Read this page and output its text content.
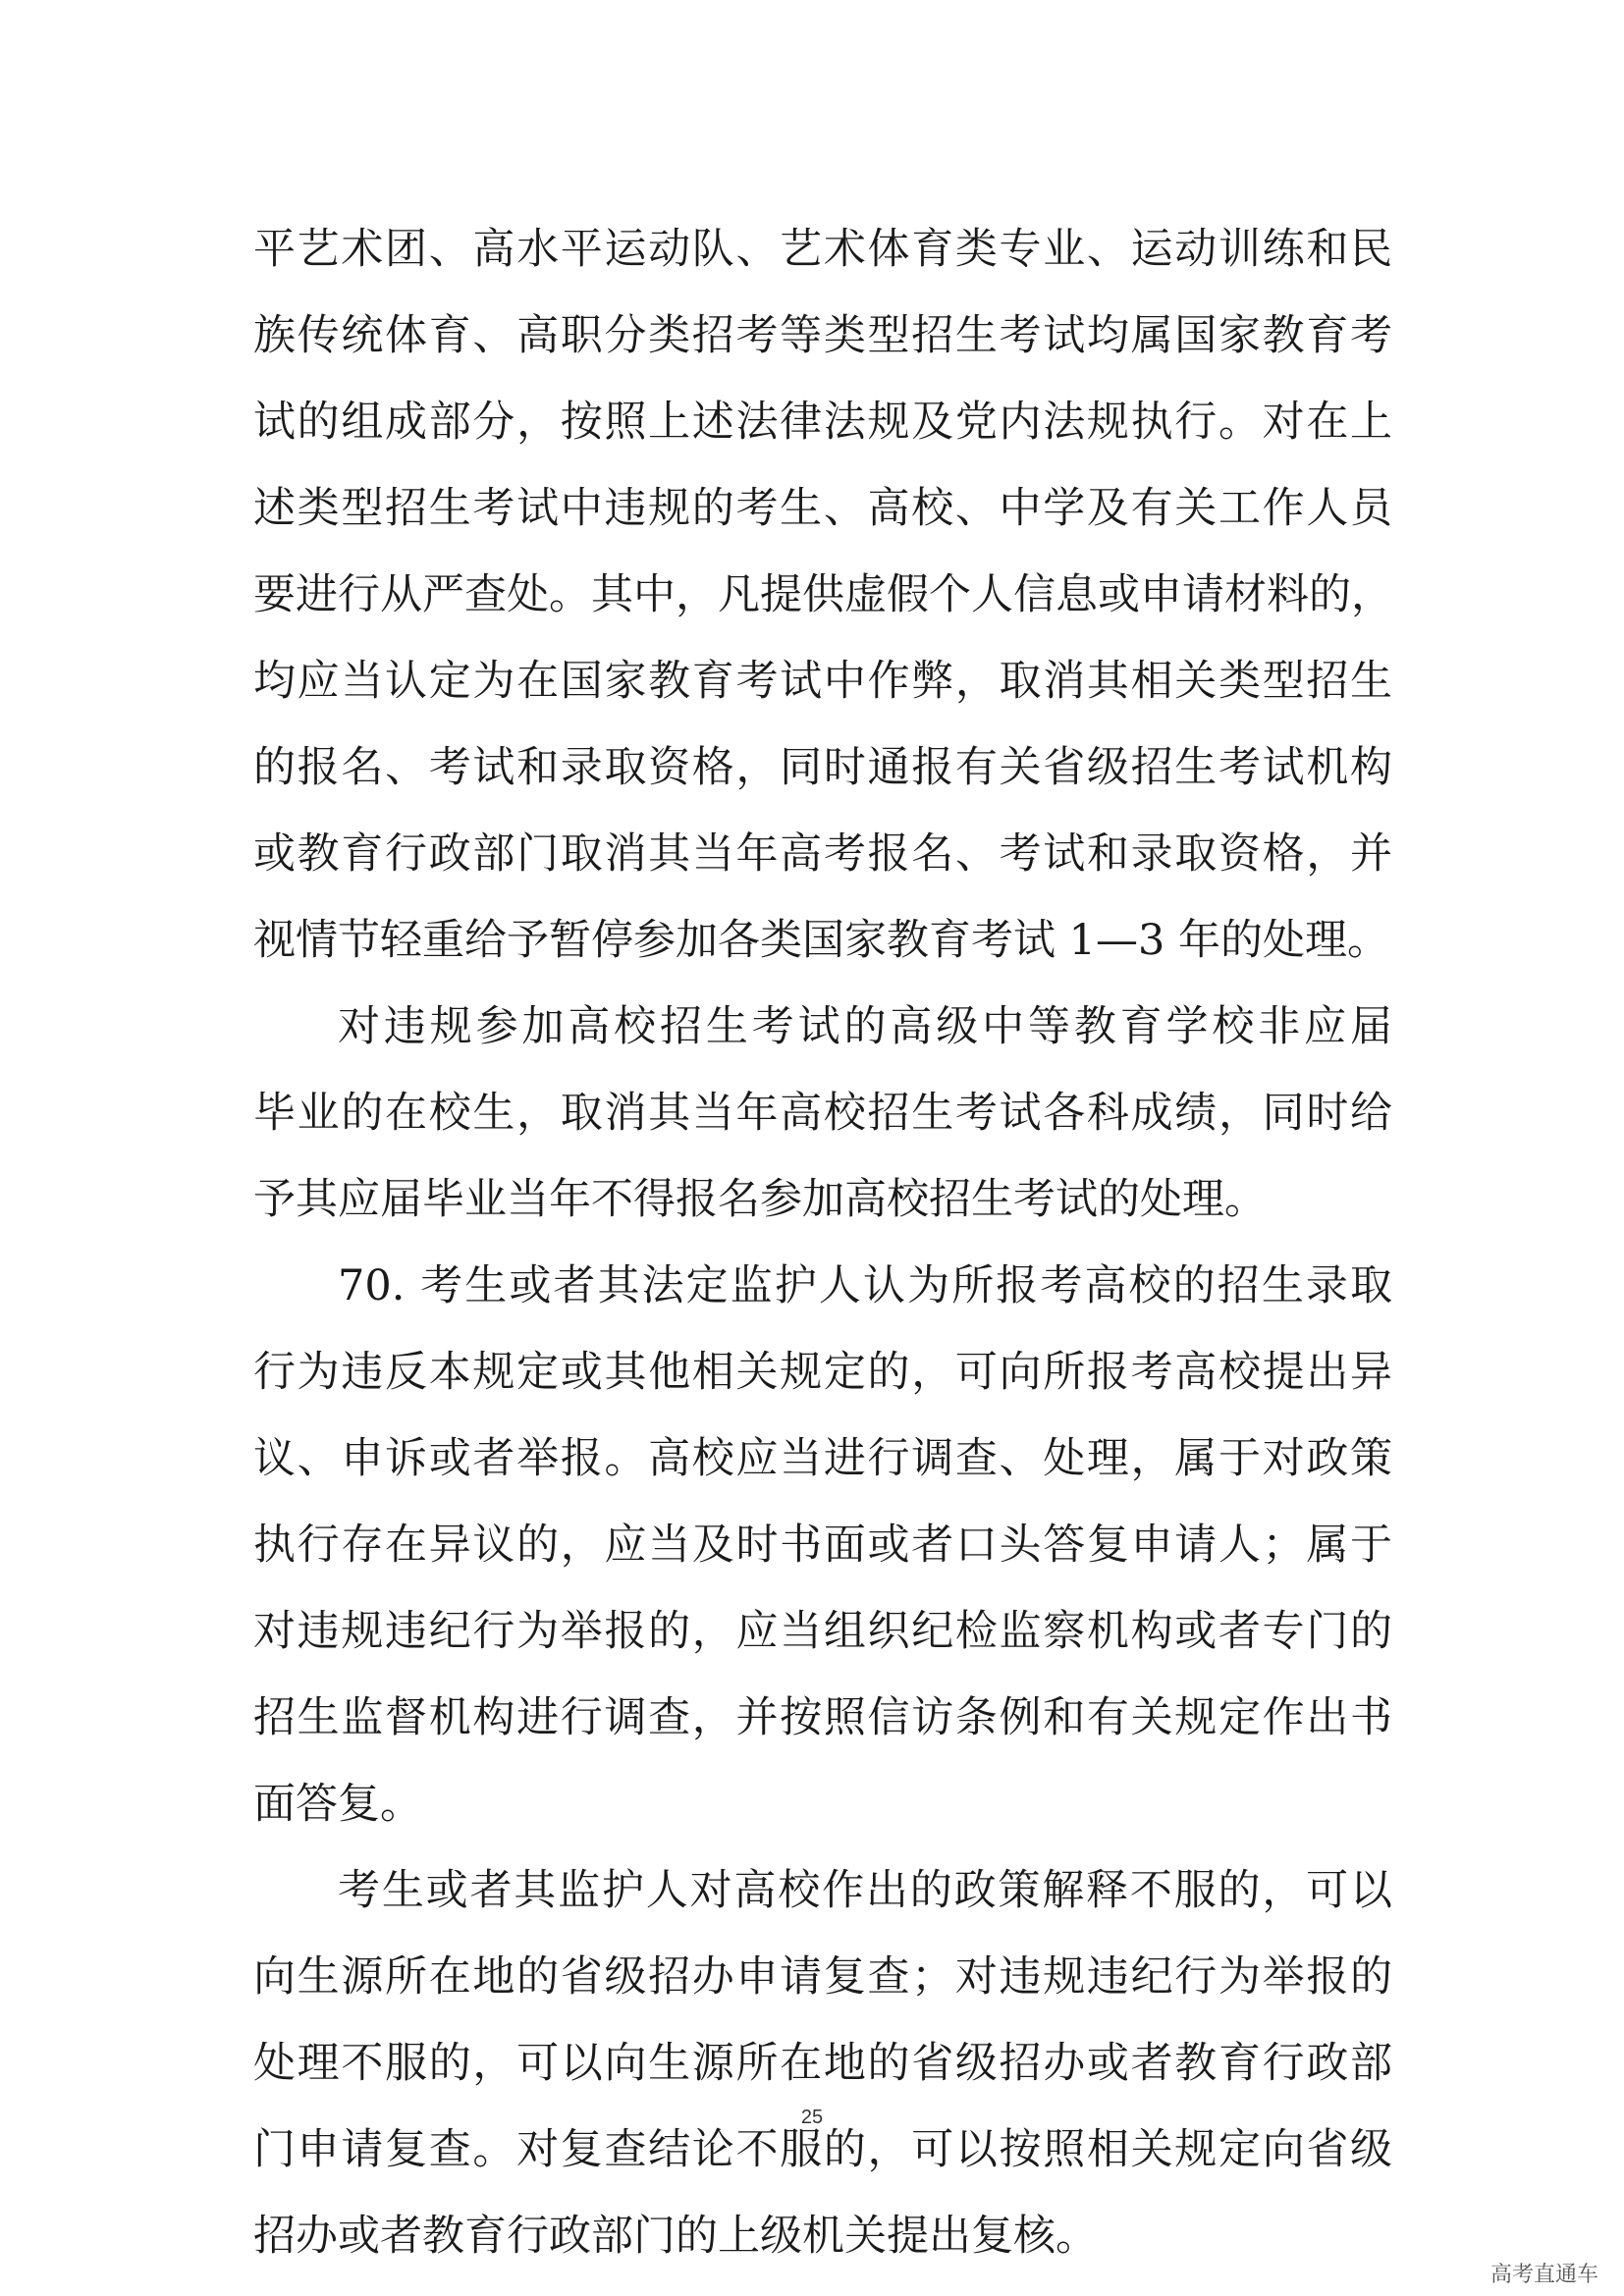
平艺术团、高水平运动队、艺术体育类专业、运动训练和民
族传统体育、高职分类招考等类型招生考试均属国家教育考
试的组成部分，按照上述法律法规及党内法规执行。对在上
述类型招生考试中违规的考生、高校、中学及有关工作人员
要进行从严查处。其中，凡提供虚假个人信息或申请材料的，
均应当认定为在国家教育考试中作弊，取消其相关类型招生
的报名、考试和录取资格，同时通报有关省级招生考试机构
或教育行政部门取消其当年高考报名、考试和录取资格，并
视情节轻重给予暂停参加各类国家教育考试 1—3 年的处理。
对违规参加高校招生考试的高级中等教育学校非应届
毕业的在校生，取消其当年高校招生考试各科成绩，同时给
予其应届毕业当年不得报名参加高校招生考试的处理。
70. 考生或者其法定监护人认为所报考高校的招生录取
行为违反本规定或其他相关规定的，可向所报考高校提出异
议、申诉或者举报。高校应当进行调查、处理，属于对政策
执行存在异议的，应当及时书面或者口头答复申请人；属于
对违规违纪行为举报的，应当组织纪检监察机构或者专门的
招生监督机构进行调查，并按照信访条例和有关规定作出书
面答复。
考生或者其监护人对高校作出的政策解释不服的，可以
向生源所在地的省级招办申请复查；对违规违纪行为举报的
处理不服的，可以向生源所在地的省级招办或者教育行政部
门申请复查。对复查结论不服的，可以按照相关规定向省级
招办或者教育行政部门的上级机关提出复核。
25
高考直通车
